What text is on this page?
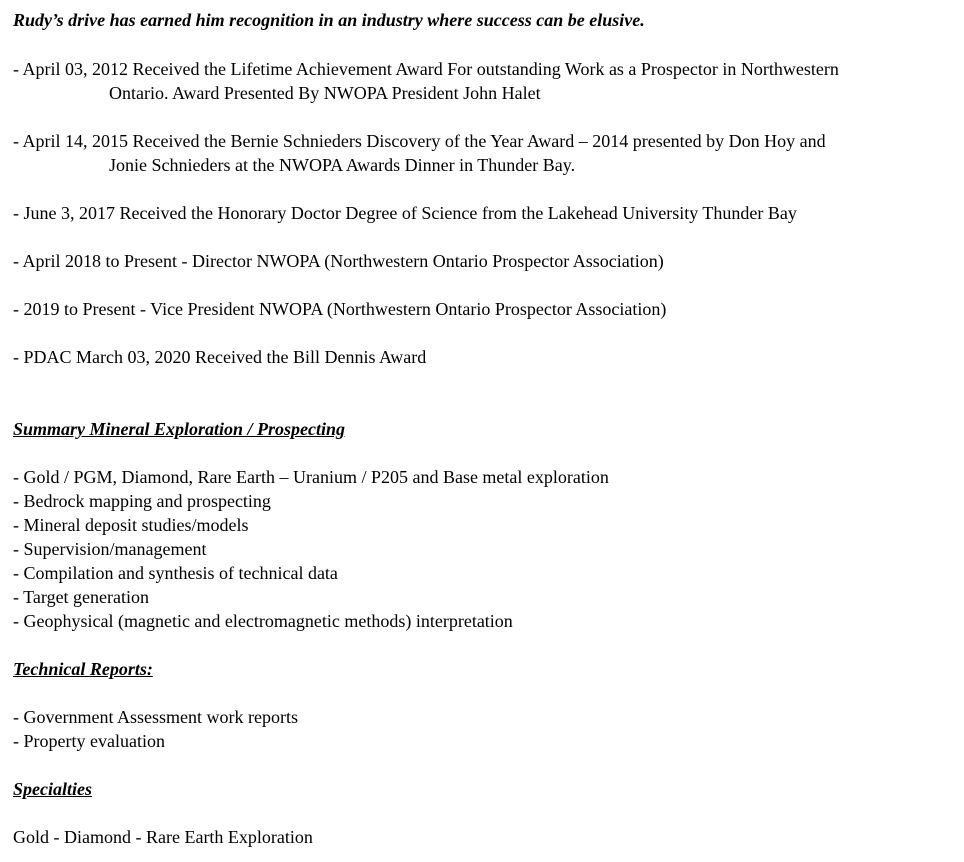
Rudy’s drive has earned him recognition in an industry where success can be elusive.
- April 03, 2012 Received the Lifetime Achievement Award For outstanding Work as a Prospector in Northwestern
Ontario. Award Presented By NWOPA President John Halet
- April 14, 2015 Received the Bernie Schnieders Discovery of the Year Award – 2014 presented by Don Hoy and
Jonie Schnieders at the NWOPA Awards Dinner in Thunder Bay.
- June 3, 2017 Received the Honorary Doctor Degree of Science from the Lakehead University Thunder Bay
- April 2018 to Present - Director NWOPA (Northwestern Ontario Prospector Association)
- 2019 to Present - Vice President NWOPA (Northwestern Ontario Prospector Association)
- PDAC March 03, 2020 Received the Bill Dennis Award
Summary Mineral Exploration / Prospecting
- Gold / PGM, Diamond, Rare Earth – Uranium / P205 and Base metal exploration
- Bedrock mapping and prospecting
- Mineral deposit studies/models
- Supervision/management
- Compilation and synthesis of technical data
- Target generation
- Geophysical (magnetic and electromagnetic methods) interpretation
Technical Reports:
- Government Assessment work reports
- Property evaluation
Specialties
Gold - Diamond - Rare Earth Exploration
